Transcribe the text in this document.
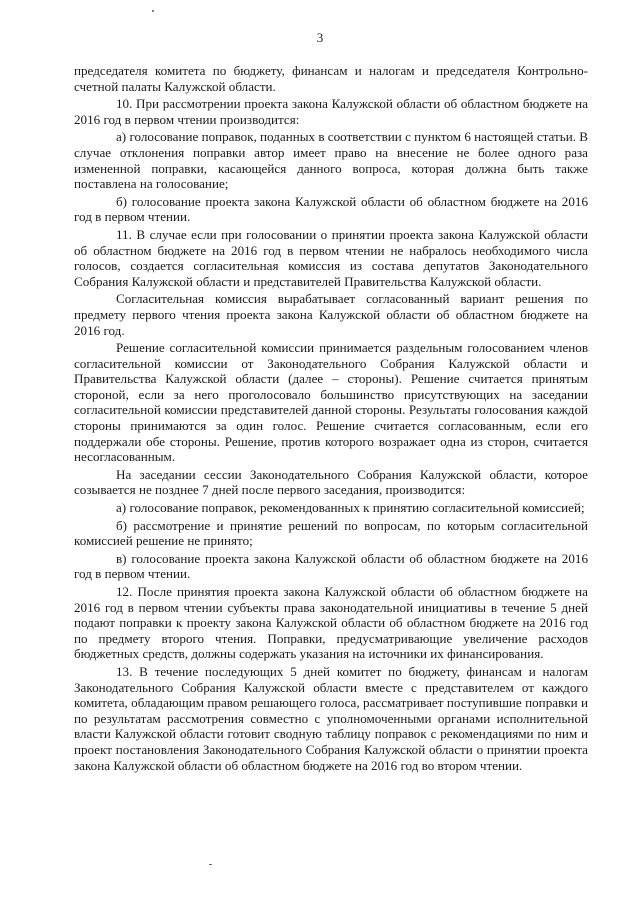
3

председателя комитета по бюджету, финансам и налогам и председателя Контрольно-счетной палаты Калужской области.

10. При рассмотрении проекта закона Калужской области об областном бюджете на 2016 год в первом чтении производится:

а) голосование поправок, поданных в соответствии с пунктом 6 настоящей статьи. В случае отклонения поправки автор имеет право на внесение не более одного раза измененной поправки, касающейся данного вопроса, которая должна быть также поставлена на голосование;

б) голосование проекта закона Калужской области об областном бюджете на 2016 год в первом чтении.

11. В случае если при голосовании о принятии проекта закона Калужской области об областном бюджете на 2016 год в первом чтении не набралось необходимого числа голосов, создается согласительная комиссия из состава депутатов Законодательного Собрания Калужской области и представителей Правительства Калужской области.

Согласительная комиссия вырабатывает согласованный вариант решения по предмету первого чтения проекта закона Калужской области об областном бюджете на 2016 год.

Решение согласительной комиссии принимается раздельным голосованием членов согласительной комиссии от Законодательного Собрания Калужской области и Правительства Калужской области (далее – стороны). Решение считается принятым стороной, если за него проголосовало большинство присутствующих на заседании согласительной комиссии представителей данной стороны. Результаты голосования каждой стороны принимаются за один голос. Решение считается согласованным, если его поддержали обе стороны. Решение, против которого возражает одна из сторон, считается несогласованным.

На заседании сессии Законодательного Собрания Калужской области, которое созывается не позднее 7 дней после первого заседания, производится:

а) голосование поправок, рекомендованных к принятию согласительной комиссией;

б) рассмотрение и принятие решений по вопросам, по которым согласительной комиссией решение не принято;

в) голосование проекта закона Калужской области об областном бюджете на 2016 год в первом чтении.

12. После принятия проекта закона Калужской области об областном бюджете на 2016 год в первом чтении субъекты права законодательной инициативы в течение 5 дней подают поправки к проекту закона Калужской области об областном бюджете на 2016 год по предмету второго чтения. Поправки, предусматривающие увеличение расходов бюджетных средств, должны содержать указания на источники их финансирования.

13. В течение последующих 5 дней комитет по бюджету, финансам и налогам Законодательного Собрания Калужской области вместе с представителем от каждого комитета, обладающим правом решающего голоса, рассматривает поступившие поправки и по результатам рассмотрения совместно с уполномоченными органами исполнительной власти Калужской области готовит сводную таблицу поправок с рекомендациями по ним и проект постановления Законодательного Собрания Калужской области о принятии проекта закона Калужской области об областном бюджете на 2016 год во втором чтении.
